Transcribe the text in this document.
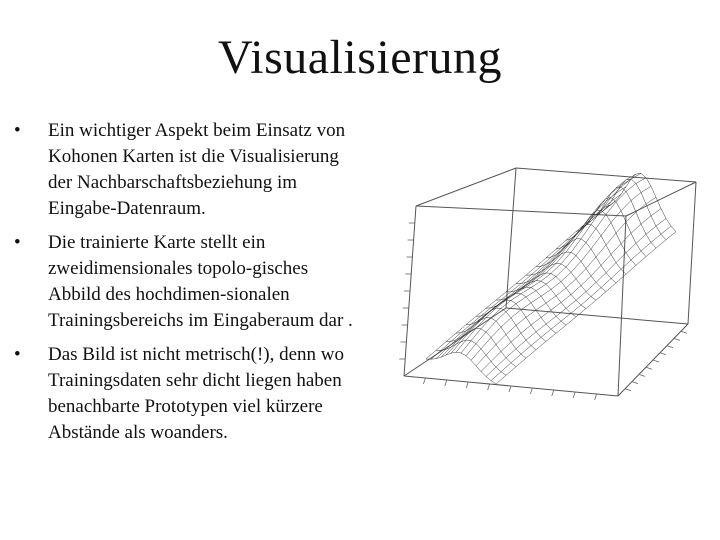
Visualisierung
•	Ein wichtiger Aspekt beim Einsatz von Kohonen Karten ist die Visualisierung der Nachbarschaftsbeziehung im Eingabe-Datenraum.
•	Die trainierte Karte stellt ein zweidimensionales topolo-gisches Abbild des hochdimen-sionalen Trainingsbereichs im Eingaberaum dar .
•	Das Bild ist nicht metrisch(!), denn wo Trainingsdaten sehr dicht liegen haben benachbarte Prototypen viel kürzere Abstände als woanders.
